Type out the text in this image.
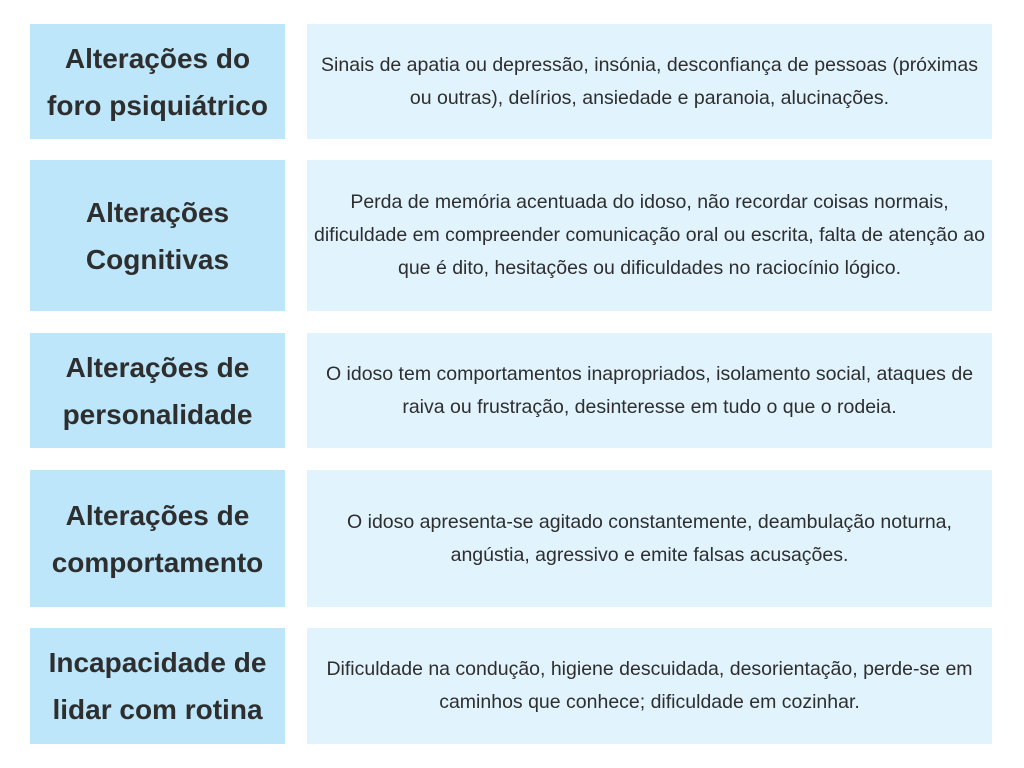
Alterações do foro psiquiátrico
Sinais de apatia ou depressão, insónia, desconfiança de pessoas (próximas ou outras), delírios, ansiedade e paranoia, alucinações.
Alterações Cognitivas
Perda de memória acentuada do idoso, não recordar coisas normais, dificuldade em compreender comunicação oral ou escrita, falta de atenção ao que é dito, hesitações ou dificuldades no raciocínio lógico.
Alterações de personalidade
O idoso tem comportamentos inapropriados, isolamento social, ataques de raiva ou frustração, desinteresse em tudo o que o rodeia.
Alterações de comportamento
O idoso apresenta-se agitado constantemente, deambulação noturna, angústia, agressivo e emite falsas acusações.
Incapacidade de lidar com rotina
Dificuldade na condução, higiene descuidada, desorientação, perde-se em caminhos que conhece; dificuldade em cozinhar.
